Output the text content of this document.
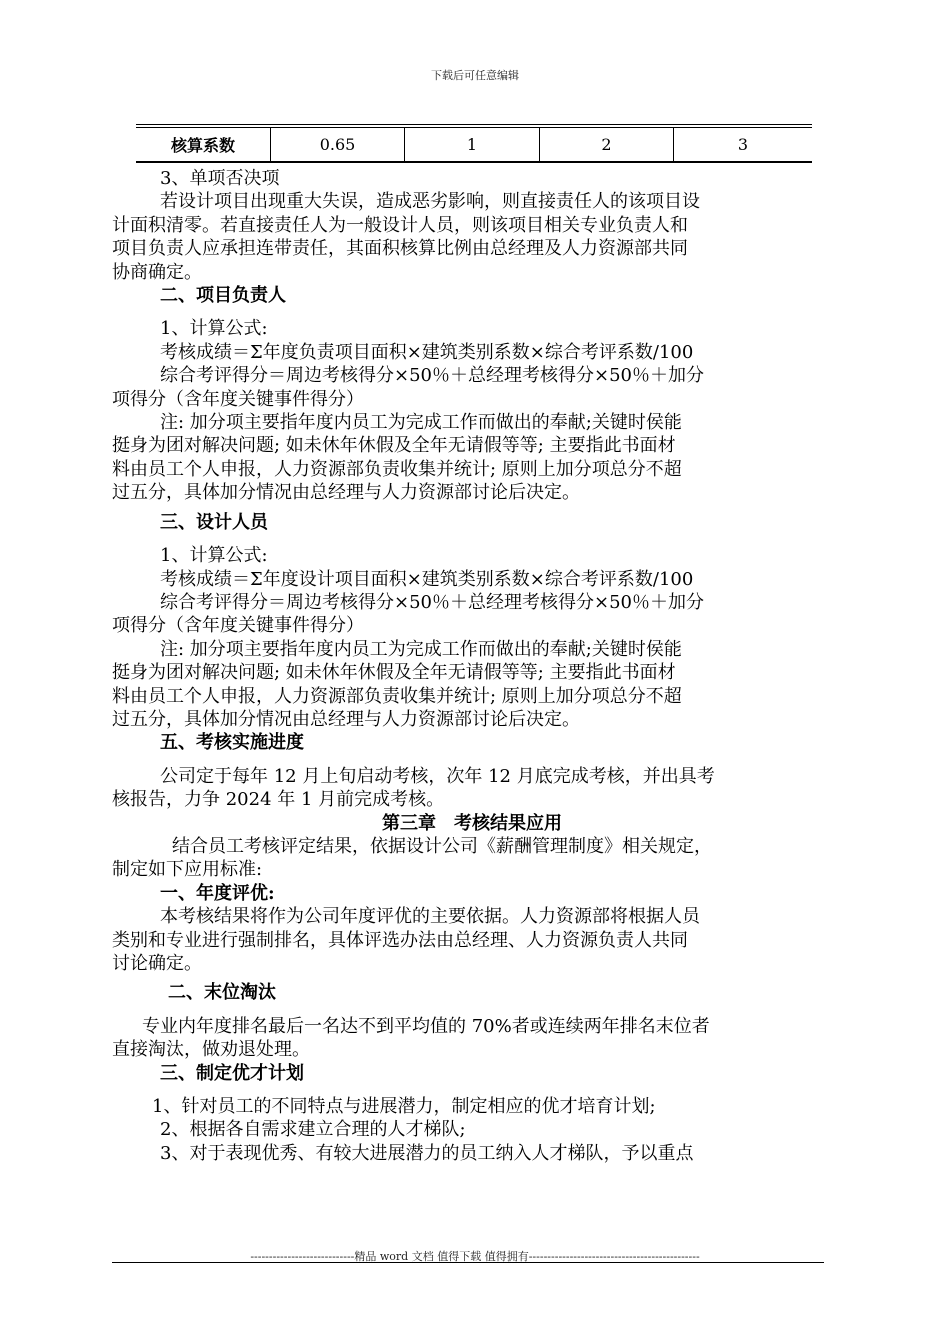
下载后可任意编辑
核算系数	0.65	1	2	3

3、单项否决项

若设计项目出现重大失误，造成恶劣影响，则直接责任人的该项目设

计面积清零。若直接责任人为一般设计人员，则该项目相关专业负责人和

项目负责人应承担连带责任，其面积核算比例由总经理及人力资源部共同

协商确定。

二、项目负责人

1、计算公式:

考核成绩＝Σ年度负责项目面积×建筑类别系数×综合考评系数/100

综合考评得分＝周边考核得分×50％＋总经理考核得分×50％＋加分

项得分（含年度关键事件得分）

注: 加分项主要指年度内员工为完成工作而做出的奉献;关键时侯能

挺身为团对解决问题; 如未休年休假及全年无请假等等; 主要指此书面材

料由员工个人申报，人力资源部负责收集并统计; 原则上加分项总分不超

过五分，具体加分情况由总经理与人力资源部讨论后决定。

三、设计人员

1、计算公式:

考核成绩＝Σ年度设计项目面积×建筑类别系数×综合考评系数/100

综合考评得分＝周边考核得分×50％＋总经理考核得分×50％＋加分

项得分（含年度关键事件得分）

注: 加分项主要指年度内员工为完成工作而做出的奉献;关键时侯能

挺身为团对解决问题; 如未休年休假及全年无请假等等; 主要指此书面材

料由员工个人申报，人力资源部负责收集并统计; 原则上加分项总分不超

过五分，具体加分情况由总经理与人力资源部讨论后决定。

五、考核实施进度

公司定于每年 12 月上旬启动考核，次年 12 月底完成考核，并出具考

核报告，力争 2024 年 1 月前完成考核。

第三章　考核结果应用

结合员工考核评定结果，依据设计公司《薪酬管理制度》相关规定，

制定如下应用标准:

一、年度评优:

本考核结果将作为公司年度评优的主要依据。人力资源部将根据人员

类别和专业进行强制排名，具体评选办法由总经理、人力资源负责人共同

讨论确定。

二、末位淘汰

专业内年度排名最后一名达不到平均值的 70%者或连续两年排名末位者

直接淘汰，做劝退处理。

三、制定优才计划

1、针对员工的不同特点与进展潜力，制定相应的优才培育计划;

2、根据各自需求建立合理的人才梯队;

3、对于表现优秀、有较大进展潜力的员工纳入人才梯队，予以重点

----------------------------精品 word 文档 值得下载 值得拥有----------------------------------------------
